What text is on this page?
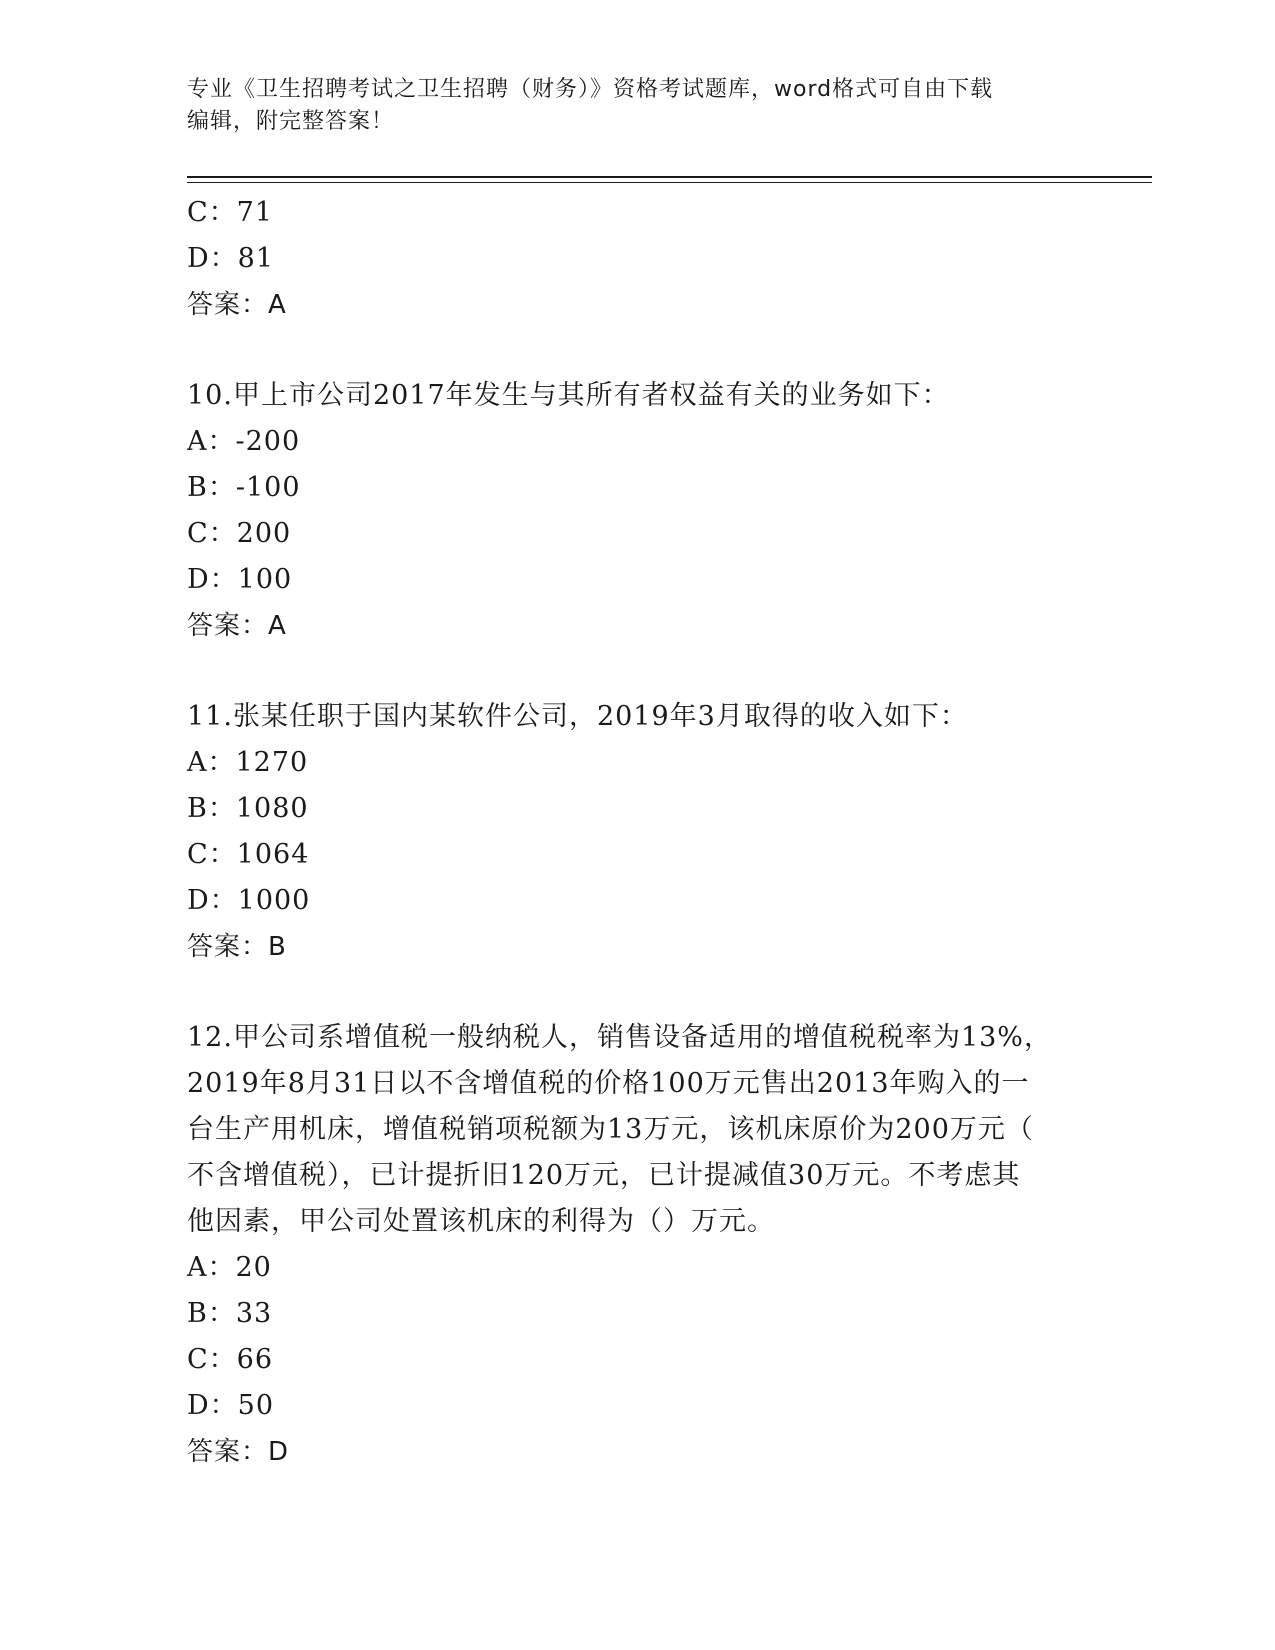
专业《卫生招聘考试之卫生招聘（财务）》资格考试题库，word格式可自由下载
编辑，附完整答案！
C：71
D：81
答案：A
10.甲上市公司2017年发生与其所有者权益有关的业务如下：
A：-200
B：-100
C：200
D：100
答案：A
11.张某任职于国内某软件公司，2019年3月取得的收入如下：
A：1270
B：1080
C：1064
D：1000
答案：B
12.甲公司系增值税一般纳税人，销售设备适用的增值税税率为13%，
2019年8月31日以不含增值税的价格100万元售出2013年购入的一
台生产用机床，增值税销项税额为13万元，该机床原价为200万元（
不含增值税），已计提折旧120万元，已计提减值30万元。不考虑其
他因素，甲公司处置该机床的利得为（）万元。
A：20
B：33
C：66
D：50
答案：D
